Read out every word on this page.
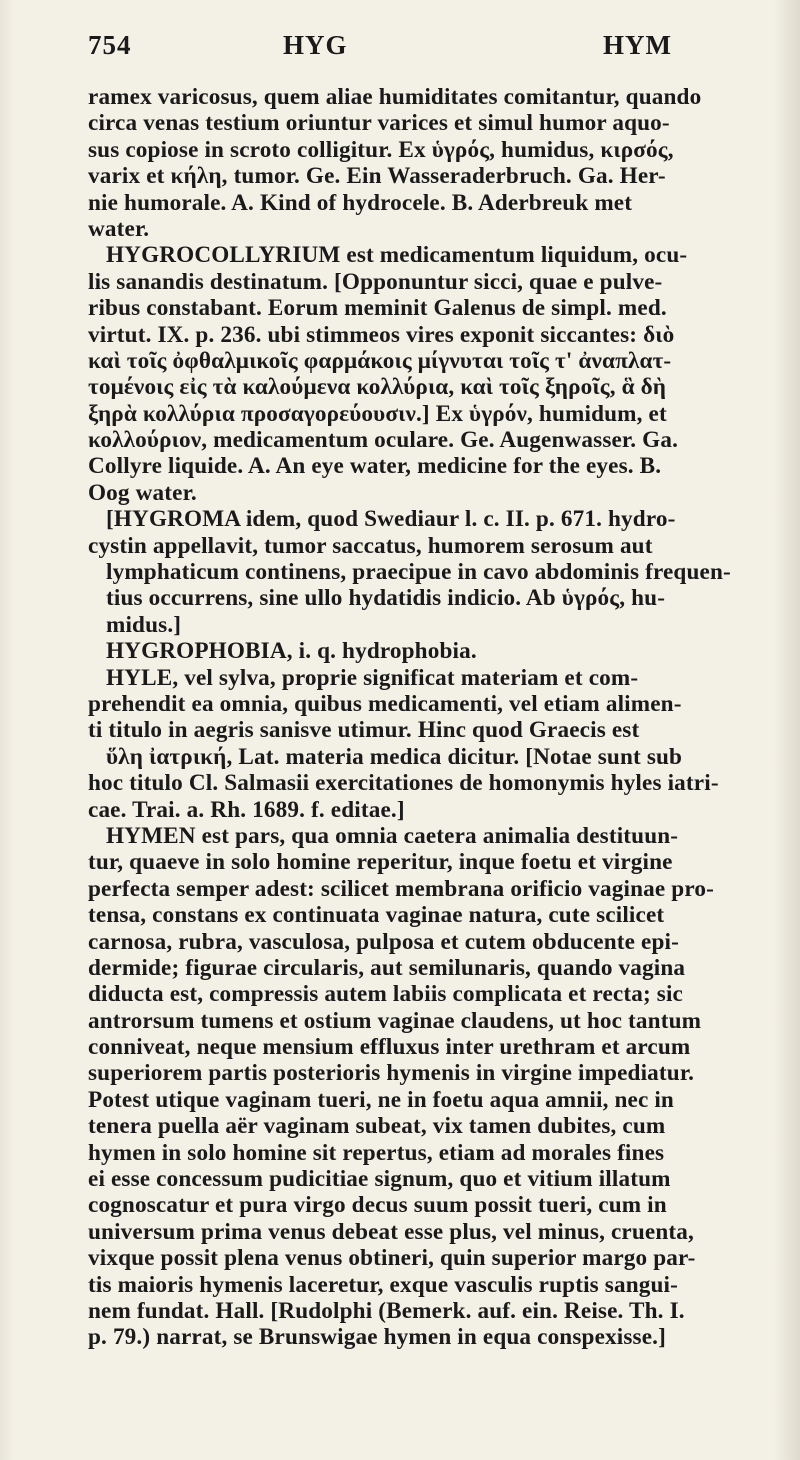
754	HYG	HYM
ramex varicosus, quem aliae humiditates comitantur, quando
circa venas testium oriuntur varices et simul humor aquo-
sus copiose in scroto colligitur. Ex ὑγρός, humidus, κιρσός,
varix et κήλη, tumor. Ge. Ein Wasseraderbruch. Ga. Her-
nie humorale. A. Kind of hydrocele. B. Aderbreuk met
water.
HYGROCOLLYRIUM est medicamentum liquidum, ocu-
lis sanandis destinatum. [Opponuntur sicci, quae e pulve-
ribus constabant. Eorum meminit Galenus de simpl. med.
virtut. IX. p. 236. ubi stimmeos vires exponit siccantes: διὸ
καὶ τοῖς ὀφθαλμικοῖς φαρμάκοις μίγνυται τοῖς τ' ἀναπλατ-
τομένοις εἰς τὰ καλούμενα κολλύρια, καὶ τοῖς ξηροῖς, ἃ δὴ
ξηρὰ κολλύρια προσαγορεύουσιν.] Ex ὑγρόν, humidum, et
κολλούριον, medicamentum oculare. Ge. Augenwasser. Ga.
Collyre liquide. A. An eye water, medicine for the eyes. B.
Oog water.
[HYGROMA idem, quod Swediaur l. c. II. p. 671. hydro-
cystin appellavit, tumor saccatus, humorem serosum aut
lymphaticum continens, praecipue in cavo abdominis frequen-
tius occurrens, sine ullo hydatidis indicio. Ab ὑγρός, hu-
midus.]
HYGROPHOBIA, i. q. hydrophobia.
HYLE, vel sylva, proprie significat materiam et com-
prehendit ea omnia, quibus medicamenti, vel etiam alimen-
ti titulo in aegris sanisve utimur. Hinc quod Graecis est
ὕλη ἰατρική, Lat. materia medica dicitur. [Notae sunt sub
hoc titulo Cl. Salmasii exercitationes de homonymis hyles iatri-
cae. Trai. a. Rh. 1689. f. editae.]
HYMEN est pars, qua omnia caetera animalia destituun-
tur, quaeve in solo homine reperitur, inque foetu et virgine
perfecta semper adest: scilicet membrana orificio vaginae pro-
tensa, constans ex continuata vaginae natura, cute scilicet
carnosa, rubra, vasculosa, pulposa et cutem obducente epi-
dermide; figurae circularis, aut semilunaris, quando vagina
diducta est, compressis autem labiis complicata et recta; sic
antrorsum tumens et ostium vaginae claudens, ut hoc tantum
conniveat, neque mensium effluxus inter urethram et arcum
superiorem partis posterioris hymenis in virgine impediatur.
Potest utique vaginam tueri, ne in foetu aqua amnii, nec in
tenera puella aër vaginam subeat, vix tamen dubites, cum
hymen in solo homine sit repertus, etiam ad morales fines
ei esse concessum pudicitiae signum, quo et vitium illatum
cognoscatur et pura virgo decus suum possit tueri, cum in
universum prima venus debeat esse plus, vel minus, cruenta,
vixque possit plena venus obtineri, quin superior margo par-
tis maioris hymenis laceretur, exque vasculis ruptis sangui-
nem fundat. Hall. [Rudolphi (Bemerk. auf. ein. Reise. Th. I.
p. 79.) narrat, se Brunswigae hymen in equa conspexisse.]
